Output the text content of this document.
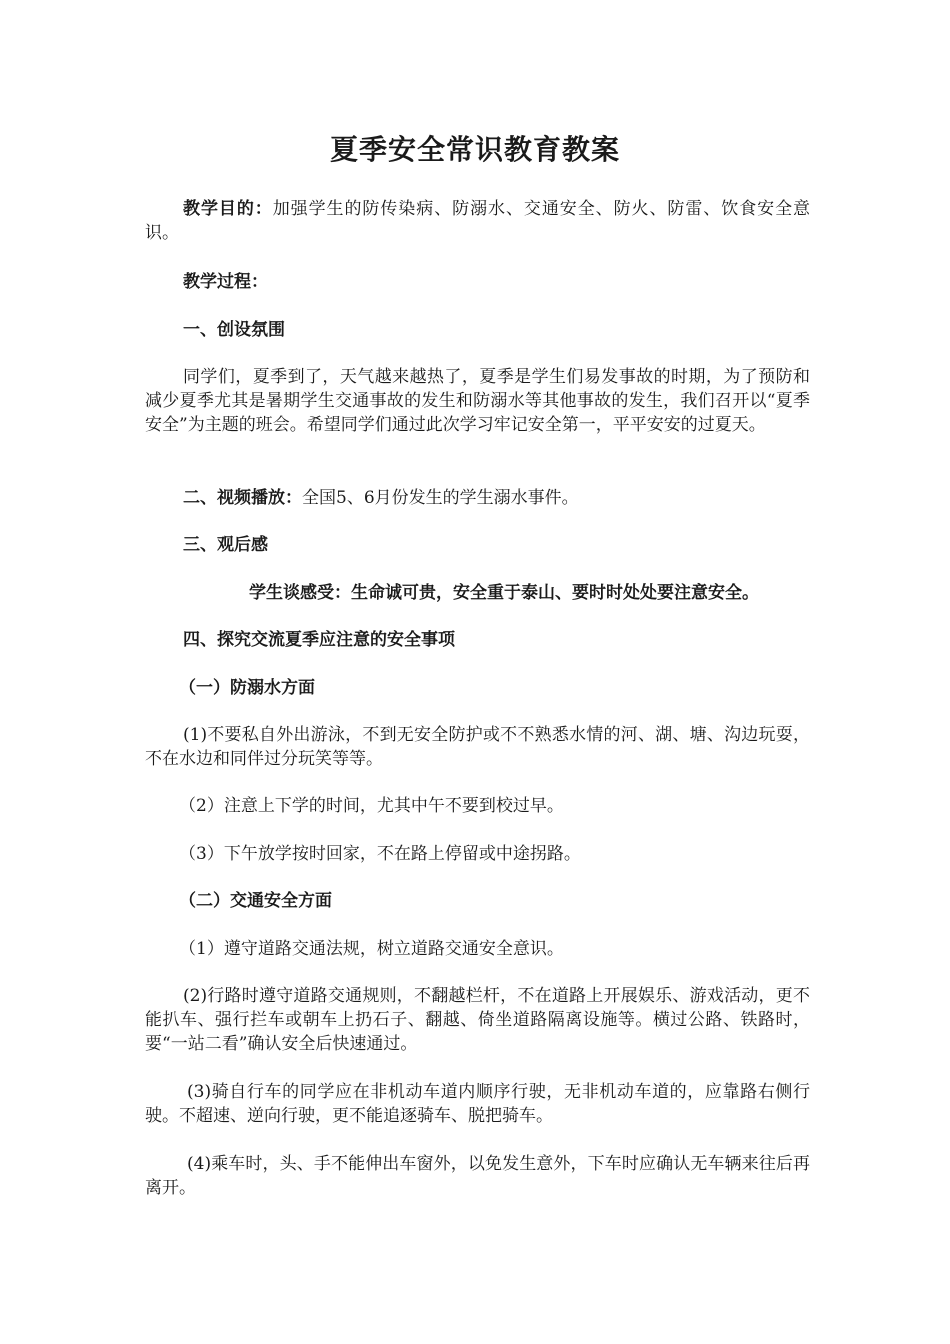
夏季安全常识教育教案

教学目的：加强学生的防传染病、防溺水、交通安全、防火、防雷、饮食安全意识。

教学过程：

一、创设氛围

同学们，夏季到了，天气越来越热了，夏季是学生们易发事故的时期，为了预防和减少夏季尤其是暑期学生交通事故的发生和防溺水等其他事故的发生，我们召开以“夏季安全”为主题的班会。希望同学们通过此次学习牢记安全第一，平平安安的过夏天。

二、视频播放：全国5、6月份发生的学生溺水事件。

三、观后感

学生谈感受：生命诚可贵，安全重于泰山、要时时处处要注意安全。

四、探究交流夏季应注意的安全事项

（一）防溺水方面

(1)不要私自外出游泳，不到无安全防护或不不熟悉水情的河、湖、塘、沟边玩耍，不在水边和同伴过分玩笑等等。

（2）注意上下学的时间，尤其中午不要到校过早。

（3）下午放学按时回家，不在路上停留或中途拐路。

（二）交通安全方面

（1）遵守道路交通法规，树立道路交通安全意识。

(2)行路时遵守道路交通规则，不翻越栏杆，不在道路上开展娱乐、游戏活动，更不能扒车、强行拦车或朝车上扔石子、翻越、倚坐道路隔离设施等。横过公路、铁路时，要“一站二看”确认安全后快速通过。

(3)骑自行车的同学应在非机动车道内顺序行驶，无非机动车道的，应靠路右侧行驶。不超速、逆向行驶，更不能追逐骑车、脱把骑车。

(4)乘车时，头、手不能伸出车窗外，以免发生意外，下车时应确认无车辆来往后再离开。
